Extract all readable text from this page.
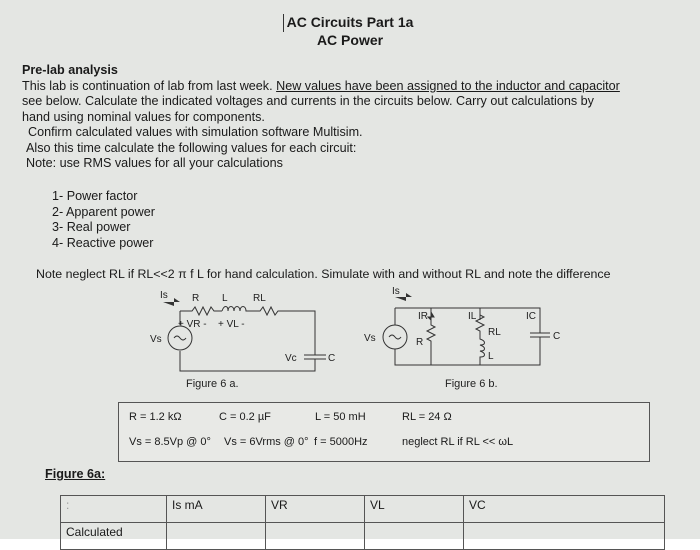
AC Circuits Part 1a
AC Power
Pre-lab analysis
This lab is continuation of lab from last week. New values have been assigned to the inductor and capacitor
see below. Calculate the indicated voltages and currents in the circuits below. Carry out calculations by
hand using nominal values for components.
Confirm calculated values with simulation software Multisim.
Also this time calculate the following values for each circuit:
Note: use RMS values for all your calculations
1- Power factor
2- Apparent power
3- Real power
4- Reactive power
Note neglect RL if RL<<2 π f L for hand calculation. Simulate with and without RL and note the difference
Is R L	RL
+ VR - + VL -
Vs
Vc	C
Figure 6 a.
Is
IR	IL	IC
R
RL
L
C
Vs
Figure 6 b.
R = 1.2 kΩ	C = 0.2 µF	L = 50 mH	RL = 24 Ω
Vs = 8.5Vp @ 0° Vs = 6Vrms @ 0° f = 5000Hz	neglect RL if RL << ωL
Figure 6a:
:	Is mA	VR	VL	VC
Calculated				
